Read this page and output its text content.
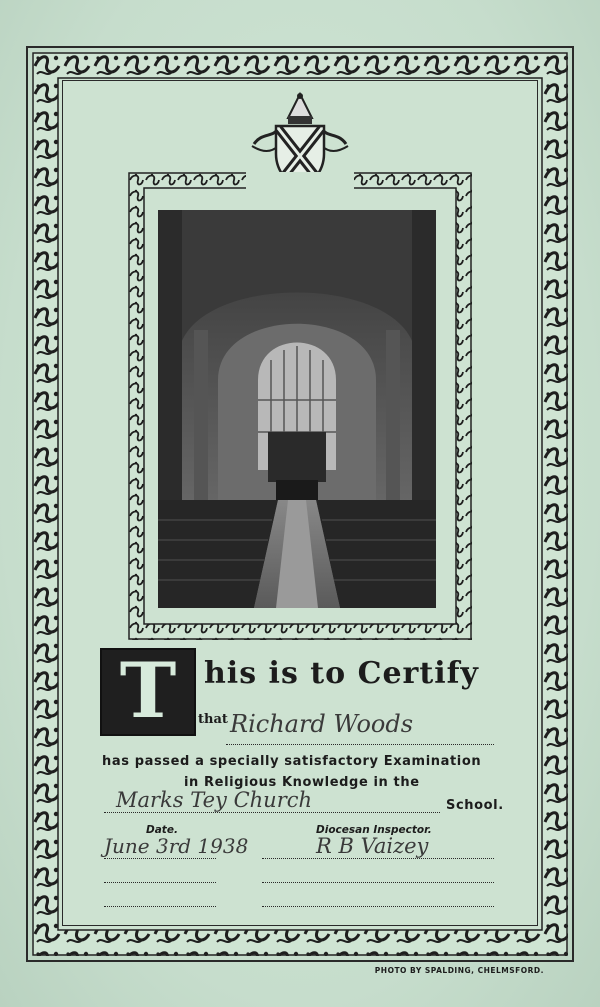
T his is to Certify
that Richard Woods
has passed a specially satisfactory Examination
in Religious Knowledge in the
Marks Tey Church	School.
Date.	Diocesan Inspector.
June 3rd 1938	R B Vaizey
PHOTO BY SPALDING, CHELMSFORD.
